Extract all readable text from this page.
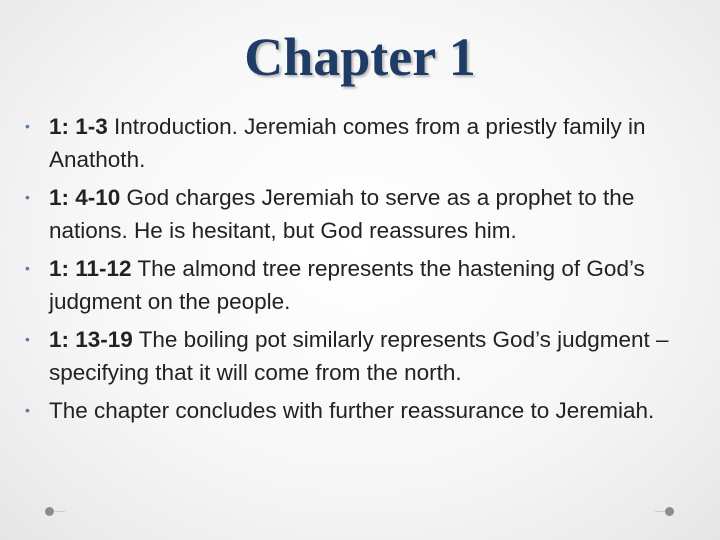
Chapter 1
• 1: 1-3 Introduction. Jeremiah comes from a priestly family in Anathoth.
• 1: 4-10 God charges Jeremiah to serve as a prophet to the nations. He is hesitant, but God reassures him.
• 1: 11-12 The almond tree represents the hastening of God’s judgment on the people.
• 1: 13-19 The boiling pot similarly represents God’s judgment – specifying that it will come from the north.
• The chapter concludes with further reassurance to Jeremiah.
